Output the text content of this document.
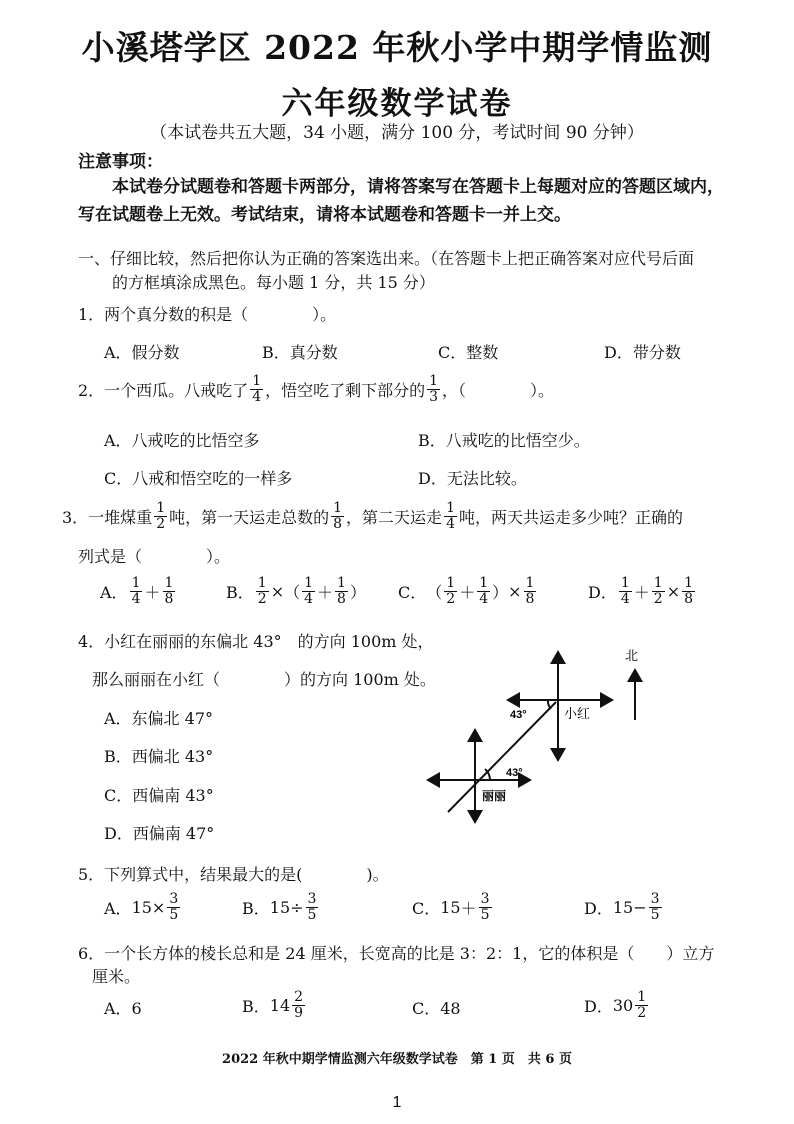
小溪塔学区 2022 年秋小学中期学情监测
六年级数学试卷
（本试卷共五大题，34 小题，满分 100 分，考试时间 90 分钟）
注意事项：
本试卷分试题卷和答题卡两部分，请将答案写在答题卡上每题对应的答题区域内，
写在试题卷上无效。考试结束，请将本试题卷和答题卡一并上交。
一、仔细比较，然后把你认为正确的答案选出来。（在答题卡上把正确答案对应代号后面
的方框填涂成黑色。每小题 1 分，共 15 分）
1．两个真分数的积是（　　　　）。
A．假分数	B．真分数	C．整数	D．带分数
2．一个西瓜。八戒吃了 $\frac{1}{4}$ ，悟空吃了剩下部分的 $\frac{1}{3}$ ，（　　　　）。
A．八戒吃的比悟空多	B．八戒吃的比悟空少。
C．八戒和悟空吃的一样多	D．无法比较。
3．一堆煤重 $\frac{1}{2}$ 吨，第一天运走总数的 $\frac{1}{8}$ ，第二天运走 $\frac{1}{4}$ 吨，两天共运走多少吨？正确的
列式是（　　　　）。
A． $\frac{1}{4} + \frac{1}{8}$	B． $\frac{1}{2}$ × （ $\frac{1}{4} + \frac{1}{8}$ ） C． （ $\frac{1}{2} + \frac{1}{4}$ ） × $\frac{1}{8}$	D． $\frac{1}{4} + \frac{1}{2} \times \frac{1}{8}$
4．小红在丽丽的东偏北 43°　的方向 100m 处，
那么丽丽在小红（　　　　）的方向 100m 处。
A．东偏北 47°
B．西偏北 43°
C．西偏南 43°
D．西偏南 47°
北
小红
丽丽
43°
43°
5．下列算式中，结果最大的是(　　　　)。
A． $15 \times \frac{3}{5}$	B． $15 \div \frac{3}{5}$	C． $15 + \frac{3}{5}$	D． $15 - \frac{3}{5}$
6．一个长方体的棱长总和是 24 厘米，长宽高的比是 3：2：1，它的体积是（　　）立方
厘米。
A．6	B． $14 \frac{2}{9}$	C．48	D． $30 \frac{1}{2}$
2022 年秋中期学情监测六年级数学试卷　第 1 页　共 6 页
1
